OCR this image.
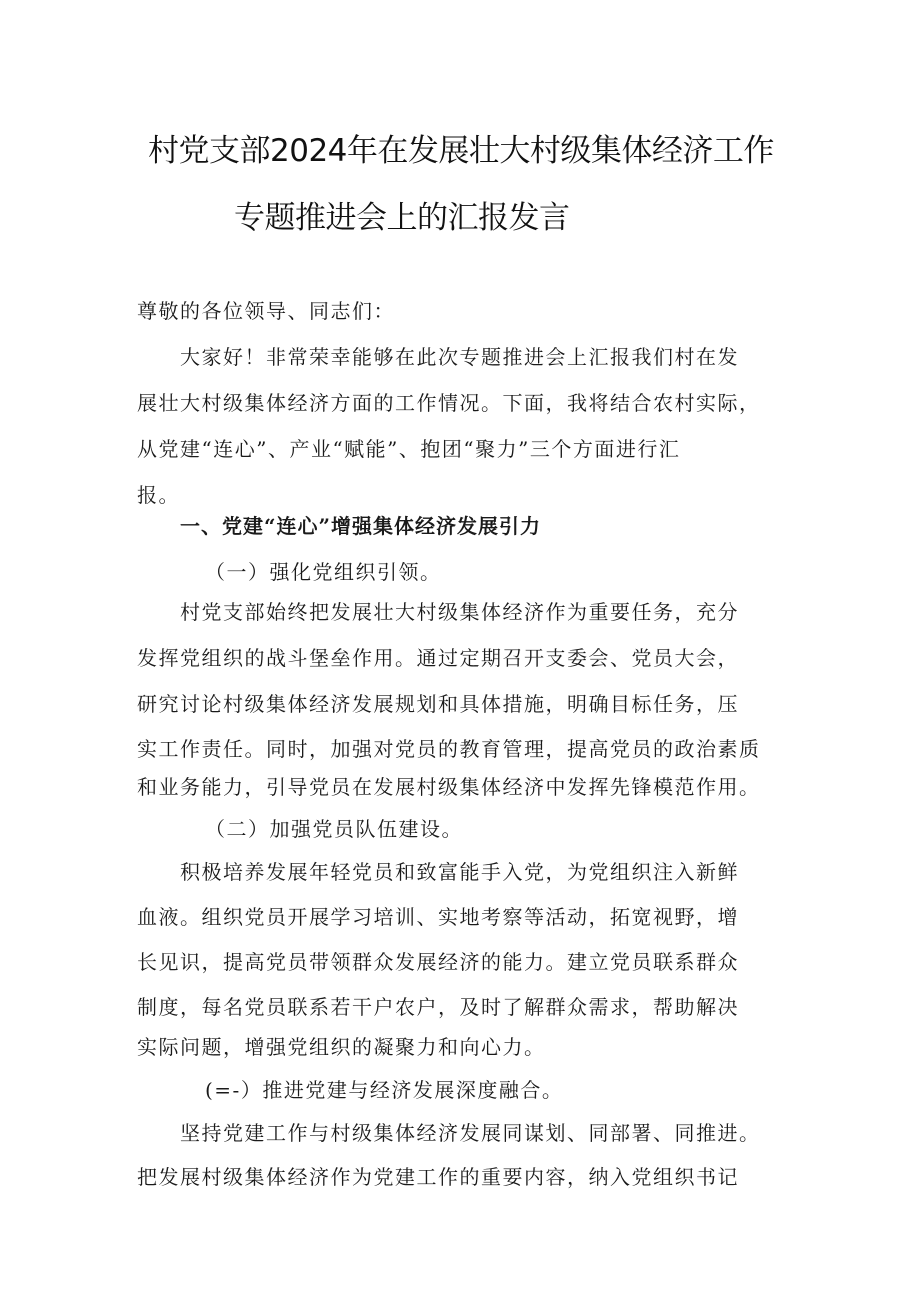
村党支部2024年在发展壮大村级集体经济工作
专题推进会上的汇报发言
尊敬的各位领导、同志们：
大家好！非常荣幸能够在此次专题推进会上汇报我们村在发
展壮大村级集体经济方面的工作情况。下面，我将结合农村实际，
从党建“连心”、产业“赋能”、抱团“聚力”三个方面进行汇
报。
一、党建“连心”增强集体经济发展引力
（一）强化党组织引领。
村党支部始终把发展壮大村级集体经济作为重要任务，充分
发挥党组织的战斗堡垒作用。通过定期召开支委会、党员大会，
研究讨论村级集体经济发展规划和具体措施，明确目标任务，压
实工作责任。同时，加强对党员的教育管理，提高党员的政治素质
和业务能力，引导党员在发展村级集体经济中发挥先锋模范作用。
（二）加强党员队伍建设。
积极培养发展年轻党员和致富能手入党，为党组织注入新鲜
血液。组织党员开展学习培训、实地考察等活动，拓宽视野，增
长见识，提高党员带领群众发展经济的能力。建立党员联系群众
制度，每名党员联系若干户农户，及时了解群众需求，帮助解决
实际问题，增强党组织的凝聚力和向心力。
(=-）推进党建与经济发展深度融合。
坚持党建工作与村级集体经济发展同谋划、同部署、同推进。
把发展村级集体经济作为党建工作的重要内容，纳入党组织书记
